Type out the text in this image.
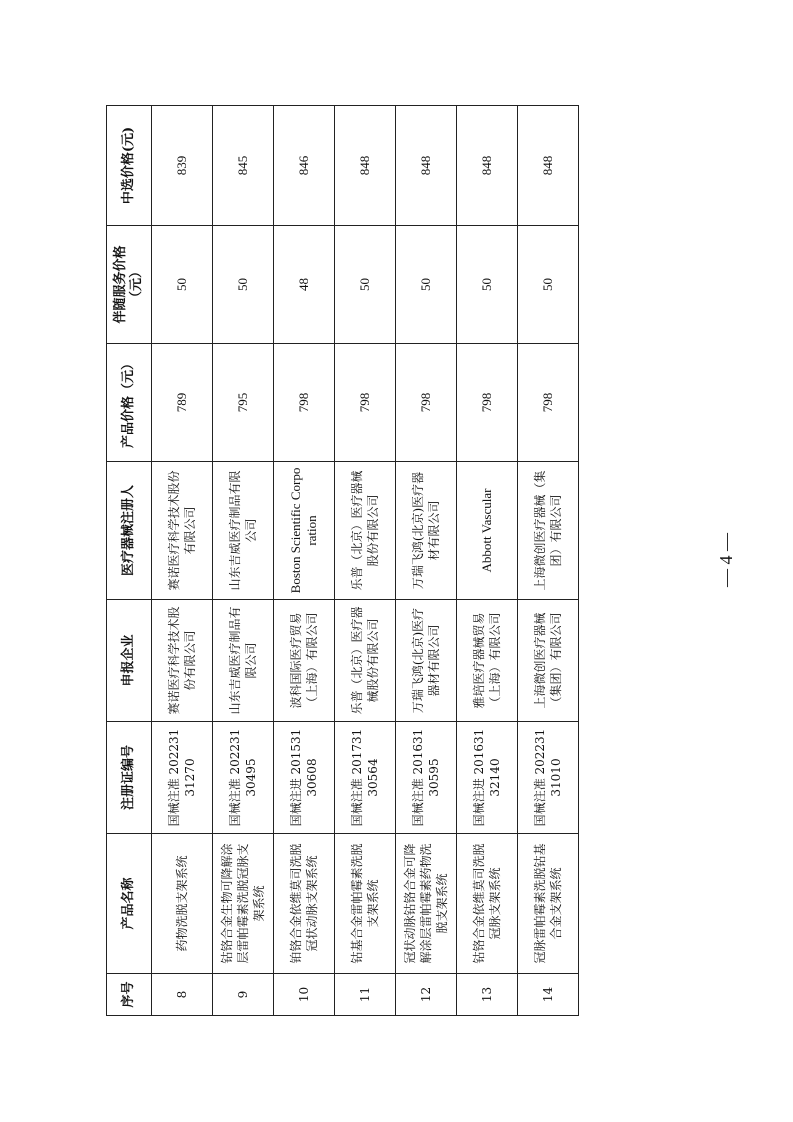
序号	产品名称	注册证编号	申报企业	医疗器械注册人	产品价格（元）	伴随服务价格（元）	中选价格(元)
8	药物洗脱支架系统	国械注准 20223131270	赛诺医疗科学技术股份有限公司	赛诺医疗科学技术股份有限公司	789	50	839
9	钴铬合金生物可降解涂层雷帕霉素洗脱冠脉支架系统	国械注准 20223130495	山东吉威医疗制品有限公司	山东吉威医疗制品有限公司	795	50	845
10	铂铬合金依维莫司洗脱冠状动脉支架系统	国械注进 20153130608	波科国际医疗贸易（上海）有限公司	Boston Scientific Corporation	798	48	846
11	钴基合金雷帕霉素洗脱支架系统	国械注准 20173130564	乐普（北京）医疗器械股份有限公司	乐普（北京）医疗器械股份有限公司	798	50	848
12	冠状动脉钴铬合金可降解涂层雷帕霉素药物洗脱支架系统	国械注准 20163130595	万瑞飞鸿(北京)医疗器材有限公司	万瑞飞鸿(北京)医疗器材有限公司	798	50	848
13	钴铬合金依维莫司洗脱冠脉支架系统	国械注进 20163132140	雅培医疗器械贸易（上海）有限公司	Abbott Vascular	798	50	848
14	冠脉雷帕霉素洗脱钴基合金支架系统	国械注准 20223131010	上海微创医疗器械（集团）有限公司	上海微创医疗器械（集团）有限公司	798	50	848
— 4 —
